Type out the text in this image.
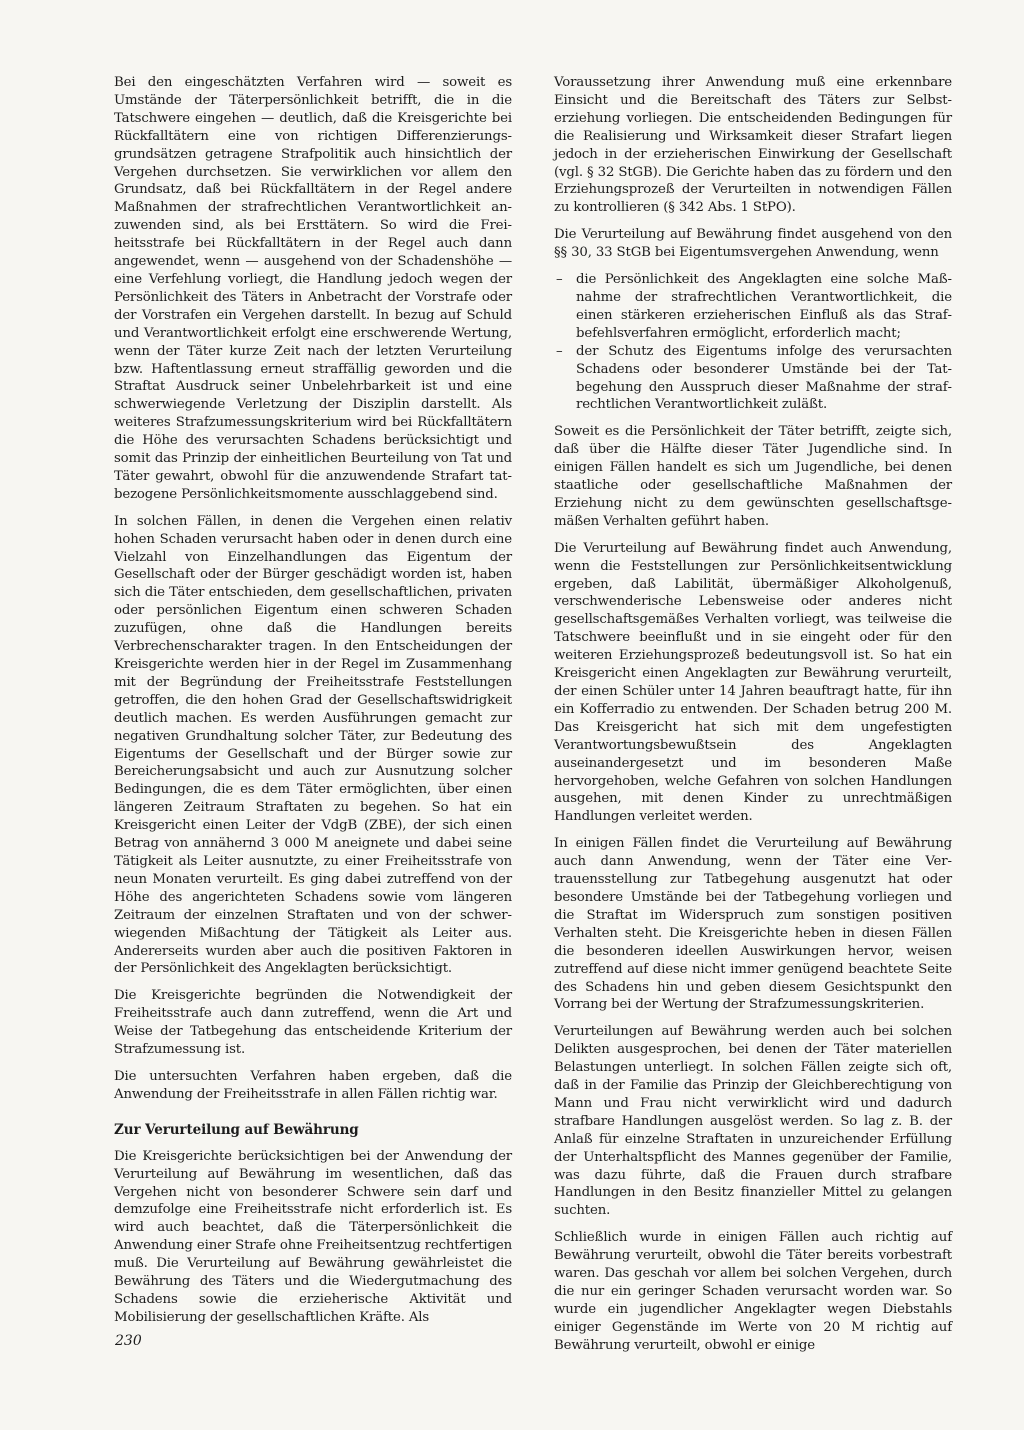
Bei den eingeschätzten Verfahren wird — soweit es Umstände der Täterpersönlichkeit betrifft, die in die Tatschwere eingehen — deutlich, daß die Kreisgerichte bei Rückfalltätern eine von richtigen Differenzierungsgrundsätzen getragene Strafpolitik auch hinsichtlich der Vergehen durchsetzen. Sie verwirklichen vor allem den Grundsatz, daß bei Rückfalltätern in der Regel andere Maßnahmen der strafrechtlichen Verantwortlichkeit anzuwenden sind, als bei Ersttätern. So wird die Freiheitsstrafe bei Rückfalltätern in der Regel auch dann angewendet, wenn — ausgehend von der Schadenshöhe — eine Verfehlung vorliegt, die Handlung jedoch wegen der Persönlichkeit des Täters in Anbetracht der Vorstrafe oder der Vorstrafen ein Vergehen darstellt. In bezug auf Schuld und Verantwortlichkeit erfolgt eine erschwerende Wertung, wenn der Täter kurze Zeit nach der letzten Verurteilung bzw. Haftentlassung erneut straffällig geworden und die Straftat Ausdruck seiner Unbelehrbarkeit ist und eine schwerwiegende Verletzung der Disziplin darstellt. Als weiteres Strafzumessungskriterium wird bei Rückfalltätern die Höhe des verursachten Schadens berücksichtigt und somit das Prinzip der einheitlichen Beurteilung von Tat und Täter gewahrt, obwohl für die anzuwendende Strafart tatbezogene Persönlichkeitsmomente ausschlaggebend sind.

In solchen Fällen, in denen die Vergehen einen relativ hohen Schaden verursacht haben oder in denen durch eine Vielzahl von Einzelhandlungen das Eigentum der Gesellschaft oder der Bürger geschädigt worden ist, haben sich die Täter entschieden, dem gesellschaftlichen, privaten oder persönlichen Eigentum einen schweren Schaden zuzufügen, ohne daß die Handlungen bereits Verbrechenscharakter tragen. In den Entscheidungen der Kreisgerichte werden hier in der Regel im Zusammenhang mit der Begründung der Freiheitsstrafe Feststellungen getroffen, die den hohen Grad der Gesellschaftswidrigkeit deutlich machen. Es werden Ausführungen gemacht zur negativen Grundhaltung solcher Täter, zur Bedeutung des Eigentums der Gesellschaft und der Bürger sowie zur Bereicherungsabsicht und auch zur Ausnutzung solcher Bedingungen, die es dem Täter ermöglichten, über einen längeren Zeitraum Straftaten zu begehen. So hat ein Kreisgericht einen Leiter der VdgB (ZBE), der sich einen Betrag von annähernd 3 000 M aneignete und dabei seine Tätigkeit als Leiter ausnutzte, zu einer Freiheitsstrafe von neun Monaten verurteilt. Es ging dabei zutreffend von der Höhe des angerichteten Schadens sowie vom längeren Zeitraum der einzelnen Straftaten und von der schwerwiegenden Mißachtung der Tätigkeit als Leiter aus. Andererseits wurden aber auch die positiven Faktoren in der Persönlichkeit des Angeklagten berücksichtigt.

Die Kreisgerichte begründen die Notwendigkeit der Freiheitsstrafe auch dann zutreffend, wenn die Art und Weise der Tatbegehung das entscheidende Kriterium der Strafzumessung ist.

Die untersuchten Verfahren haben ergeben, daß die Anwendung der Freiheitsstrafe in allen Fällen richtig war.

Zur Verurteilung auf Bewährung

Die Kreisgerichte berücksichtigen bei der Anwendung der Verurteilung auf Bewährung im wesentlichen, daß das Vergehen nicht von besonderer Schwere sein darf und demzufolge eine Freiheitsstrafe nicht erforderlich ist. Es wird auch beachtet, daß die Täterpersönlichkeit die Anwendung einer Strafe ohne Freiheitsentzug rechtfertigen muß. Die Verurteilung auf Bewährung gewährleistet die Bewährung des Täters und die Wiedergutmachung des Schadens sowie die erzieherische Aktivität und Mobilisierung der gesellschaftlichen Kräfte. Als

Voraussetzung ihrer Anwendung muß eine erkennbare Einsicht und die Bereitschaft des Täters zur Selbsterziehung vorliegen. Die entscheidenden Bedingungen für die Realisierung und Wirksamkeit dieser Strafart liegen jedoch in der erzieherischen Einwirkung der Gesellschaft (vgl. § 32 StGB). Die Gerichte haben das zu fördern und den Erziehungsprozeß der Verurteilten in notwendigen Fällen zu kontrollieren (§ 342 Abs. 1 StPO).

Die Verurteilung auf Bewährung findet ausgehend von den §§ 30, 33 StGB bei Eigentumsvergehen Anwendung, wenn

– die Persönlichkeit des Angeklagten eine solche Maßnahme der strafrechtlichen Verantwortlichkeit, die einen stärkeren erzieherischen Einfluß als das Strafbefehlsverfahren ermöglicht, erforderlich macht;
– der Schutz des Eigentums infolge des verursachten Schadens oder besonderer Umstände bei der Tatbegehung den Ausspruch dieser Maßnahme der strafrechtlichen Verantwortlichkeit zuläßt.

Soweit es die Persönlichkeit der Täter betrifft, zeigte sich, daß über die Hälfte dieser Täter Jugendliche sind. In einigen Fällen handelt es sich um Jugendliche, bei denen staatliche oder gesellschaftliche Maßnahmen der Erziehung nicht zu dem gewünschten gesellschaftsgemäßen Verhalten geführt haben.

Die Verurteilung auf Bewährung findet auch Anwendung, wenn die Feststellungen zur Persönlichkeitsentwicklung ergeben, daß Labilität, übermäßiger Alkoholgenuß, verschwenderische Lebensweise oder anderes nicht gesellschaftsgemäßes Verhalten vorliegt, was teilweise die Tatschwere beeinflußt und in sie eingeht oder für den weiteren Erziehungsprozeß bedeutungsvoll ist. So hat ein Kreisgericht einen Angeklagten zur Bewährung verurteilt, der einen Schüler unter 14 Jahren beauftragt hatte, für ihn ein Kofferradio zu entwenden. Der Schaden betrug 200 M. Das Kreisgericht hat sich mit dem ungefestigten Verantwortungsbewußtsein des Angeklagten auseinandergesetzt und im besonderen Maße hervorgehoben, welche Gefahren von solchen Handlungen ausgehen, mit denen Kinder zu unrechtmäßigen Handlungen verleitet werden.

In einigen Fällen findet die Verurteilung auf Bewährung auch dann Anwendung, wenn der Täter eine Vertrauensstellung zur Tatbegehung ausgenutzt hat oder besondere Umstände bei der Tatbegehung vorliegen und die Straftat im Widerspruch zum sonstigen positiven Verhalten steht. Die Kreisgerichte heben in diesen Fällen die besonderen ideellen Auswirkungen hervor, weisen zutreffend auf diese nicht immer genügend beachtete Seite des Schadens hin und geben diesem Gesichtspunkt den Vorrang bei der Wertung der Strafzumessungskriterien.

Verurteilungen auf Bewährung werden auch bei solchen Delikten ausgesprochen, bei denen der Täter materiellen Belastungen unterliegt. In solchen Fällen zeigte sich oft, daß in der Familie das Prinzip der Gleichberechtigung von Mann und Frau nicht verwirklicht wird und dadurch strafbare Handlungen ausgelöst werden. So lag z. B. der Anlaß für einzelne Straftaten in unzureichender Erfüllung der Unterhaltspflicht des Mannes gegenüber der Familie, was dazu führte, daß die Frauen durch strafbare Handlungen in den Besitz finanzieller Mittel zu gelangen suchten.

Schließlich wurde in einigen Fällen auch richtig auf Bewährung verurteilt, obwohl die Täter bereits vorbestraft waren. Das geschah vor allem bei solchen Vergehen, durch die nur ein geringer Schaden verursacht worden war. So wurde ein jugendlicher Angeklagter wegen Diebstahls einiger Gegenstände im Werte von 20 M richtig auf Bewährung verurteilt, obwohl er einige

230
